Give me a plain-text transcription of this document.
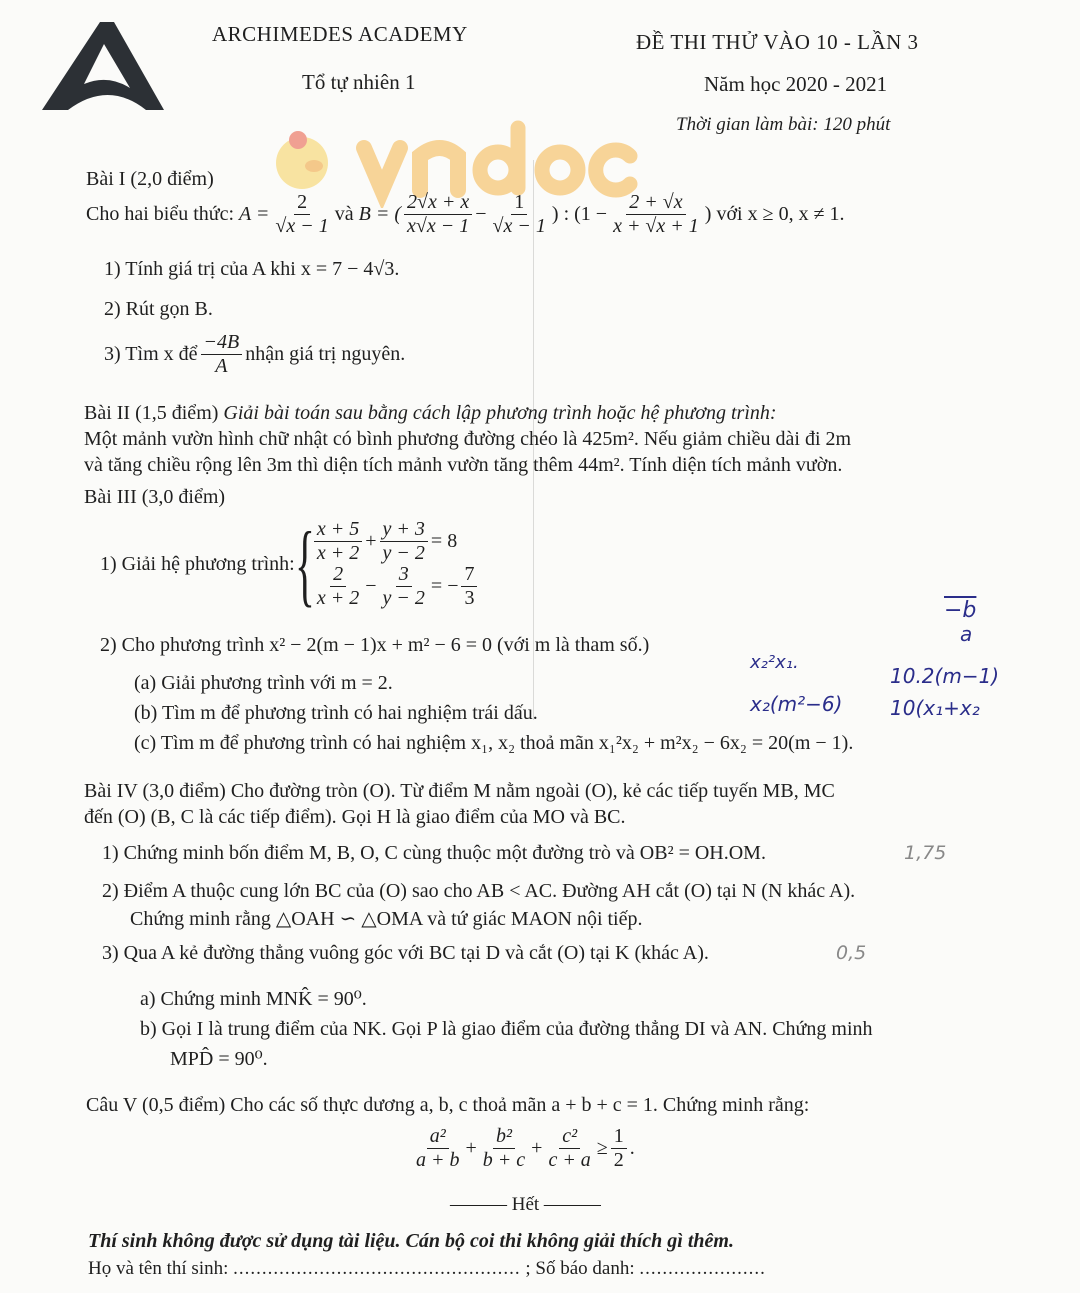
ARCHIMEDES ACADEMY
Tổ tự nhiên 1
ĐỀ THI THỬ VÀO 10 - LẦN 3
Năm học 2020 - 2021
Thời gian làm bài: 120 phút
Bài I (2,0 điểm)
Cho hai biểu thức:
$A = \frac{2}{√x - 1}$ và
B = ( $\frac{2√x + x}{x√x - 1} - \frac{1}{√x - 1}$ ) : ($1 - \frac{2 + √x}{x + √x + 1}$ )
với x ≥ 0, x ≠ 1.
1) Tính giá trị của A khi x = 7 − 4√3.
2) Rút gọn B.
3) Tìm x để $\frac{-4B}{A}$ nhận giá trị nguyên.
Bài II (1,5 điểm) Giải bài toán sau bằng cách lập phương trình hoặc hệ phương trình:
Một mảnh vườn hình chữ nhật có bình phương đường chéo là 425m². Nếu giảm chiều dài đi 2m
và tăng chiều rộng lên 3m thì diện tích mảnh vườn tăng thêm 44m². Tính diện tích mảnh vườn.
Bài III (3,0 điểm)
1) Giải hệ phương trình: { $\frac{x + 5}{x + 2} + \frac{y + 3}{y - 2} = 8$
$\frac{2}{x + 2} - \frac{3}{y - 2}$ = − $\frac{7}{3}$
2) Cho phương trình x² − 2(m − 1)x + m² − 6 = 0 (với m là tham số.)
(a) Giải phương trình với m = 2.
(b) Tìm m để phương trình có hai nghiệm trái dấu.
(c) Tìm m để phương trình có hai nghiệm x₁, x₂ thoả mãn x₁²x₂ + m²x₂ − 6x₂ = 20(m − 1).
−b
a
x₂²x₁.
10.2(m−1)
x₂(m²−6) 10(x₁+x₂
Bài IV (3,0 điểm) Cho đường tròn (O). Từ điểm M nằm ngoài (O), kẻ các tiếp tuyến MB, MC
đến (O) (B, C là các tiếp điểm). Gọi H là giao điểm của MO và BC.
1) Chứng minh bốn điểm M, B, O, C cùng thuộc một đường trò và OB² = OH.OM.	1,75
2) Điểm A thuộc cung lớn BC của (O) sao cho AB < AC. Đường AH cắt (O) tại N (N khác A).
Chứng minh rằng △OAH ∽ △OMA và tứ giác MAON nội tiếp.
3) Qua A kẻ đường thẳng vuông góc với BC tại D và cắt (O) tại K (khác A).	0,5
a) Chứng minh MNK̂ = 90⁰.
b) Gọi I là trung điểm của NK. Gọi P là giao điểm của đường thẳng DI và AN. Chứng minh
MPD̂ = 90⁰.
Câu V (0,5 điểm) Cho các số thực dương a, b, c thoả mãn a + b + c = 1. Chứng minh rằng:
$\frac{\text{a²}}{a + b} + \frac{\text{b²}}{b + c} + \frac{\text{c²}}{c + a} \ge \frac{1}{2}$ .
——— Hết ———
Thí sinh không được sử dụng tài liệu. Cán bộ coi thi không giải thích gì thêm.
Họ và tên thí sinh: .................................................. ; Số báo danh: ......................
